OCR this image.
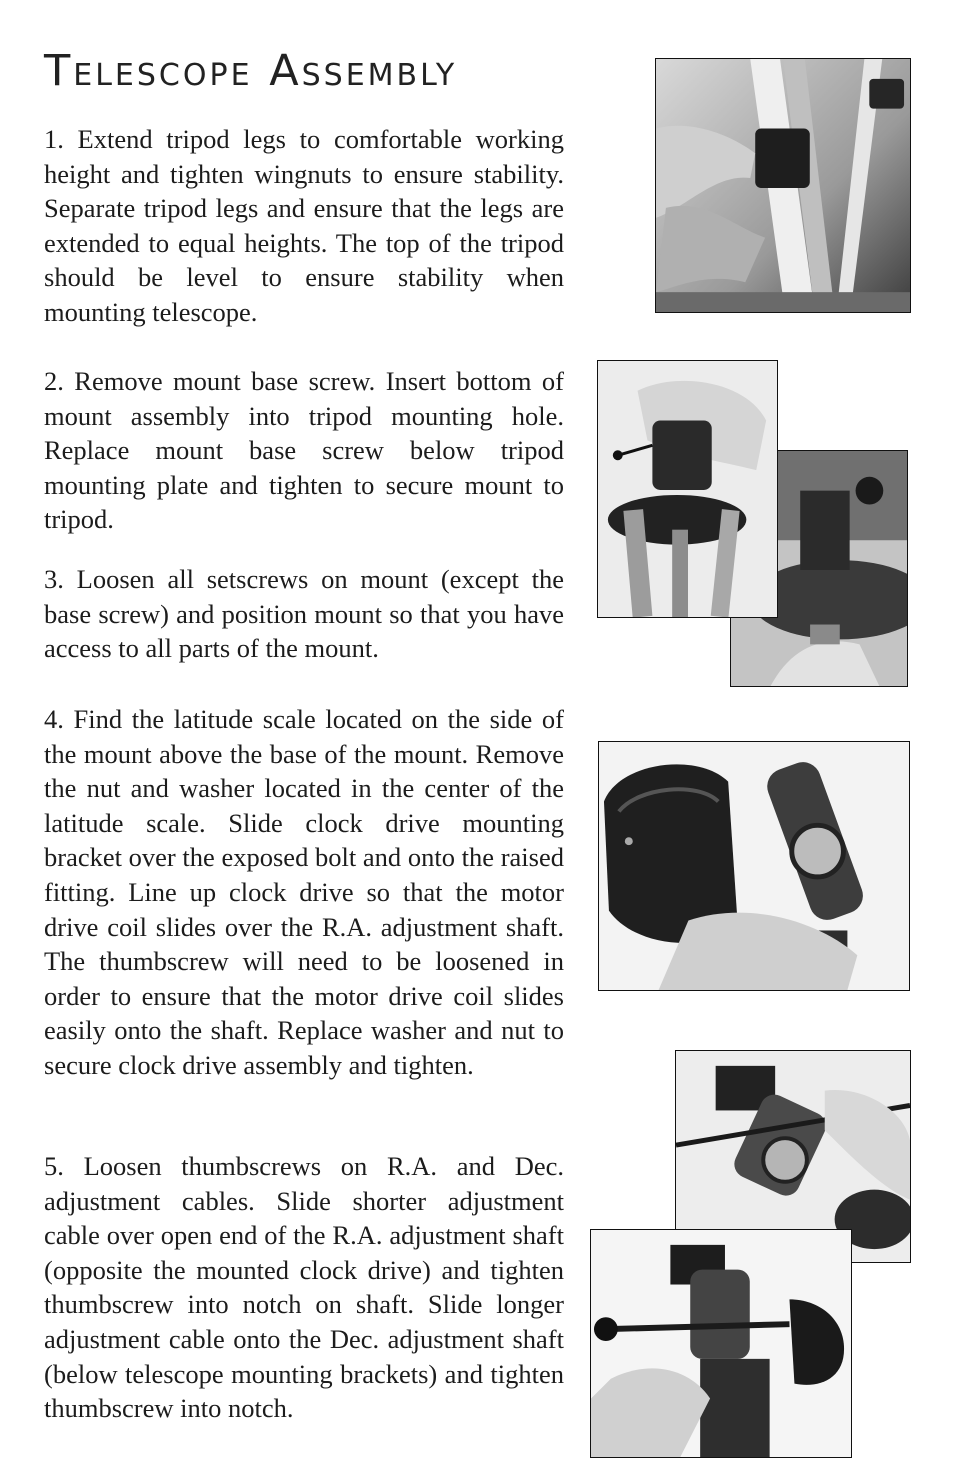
Telescope Assembly

1. Extend tripod legs to comfortable working height and tighten wingnuts to ensure stability. Separate tripod legs and ensure that the legs are extended to equal heights. The top of the tripod should be level to ensure stability when mounting telescope.

2. Remove mount base screw. Insert bottom of mount assembly into tripod mounting hole. Replace mount base screw below tripod mounting plate and tighten to secure mount to tripod.

3. Loosen all setscrews on mount (except the base screw) and position mount so that you have access to all parts of the mount.

4. Find the latitude scale located on the side of the mount above the base of the mount. Remove the nut and washer located in the center of the latitude scale. Slide clock drive mounting bracket over the exposed bolt and onto the raised fitting. Line up clock drive so that the motor drive coil slides over the R.A. adjustment shaft. The thumbscrew will need to be loosened in order to ensure that the motor drive coil slides easily onto the shaft. Replace washer and nut to secure clock drive assembly and tighten.

5. Loosen thumbscrews on R.A. and Dec. adjustment cables. Slide shorter adjustment cable over open end of the R.A. adjustment shaft (opposite the mounted clock drive) and tighten thumbscrew into notch on shaft. Slide longer adjustment cable onto the Dec. adjustment shaft (below telescope mounting brackets) and tighten thumbscrew into notch.
